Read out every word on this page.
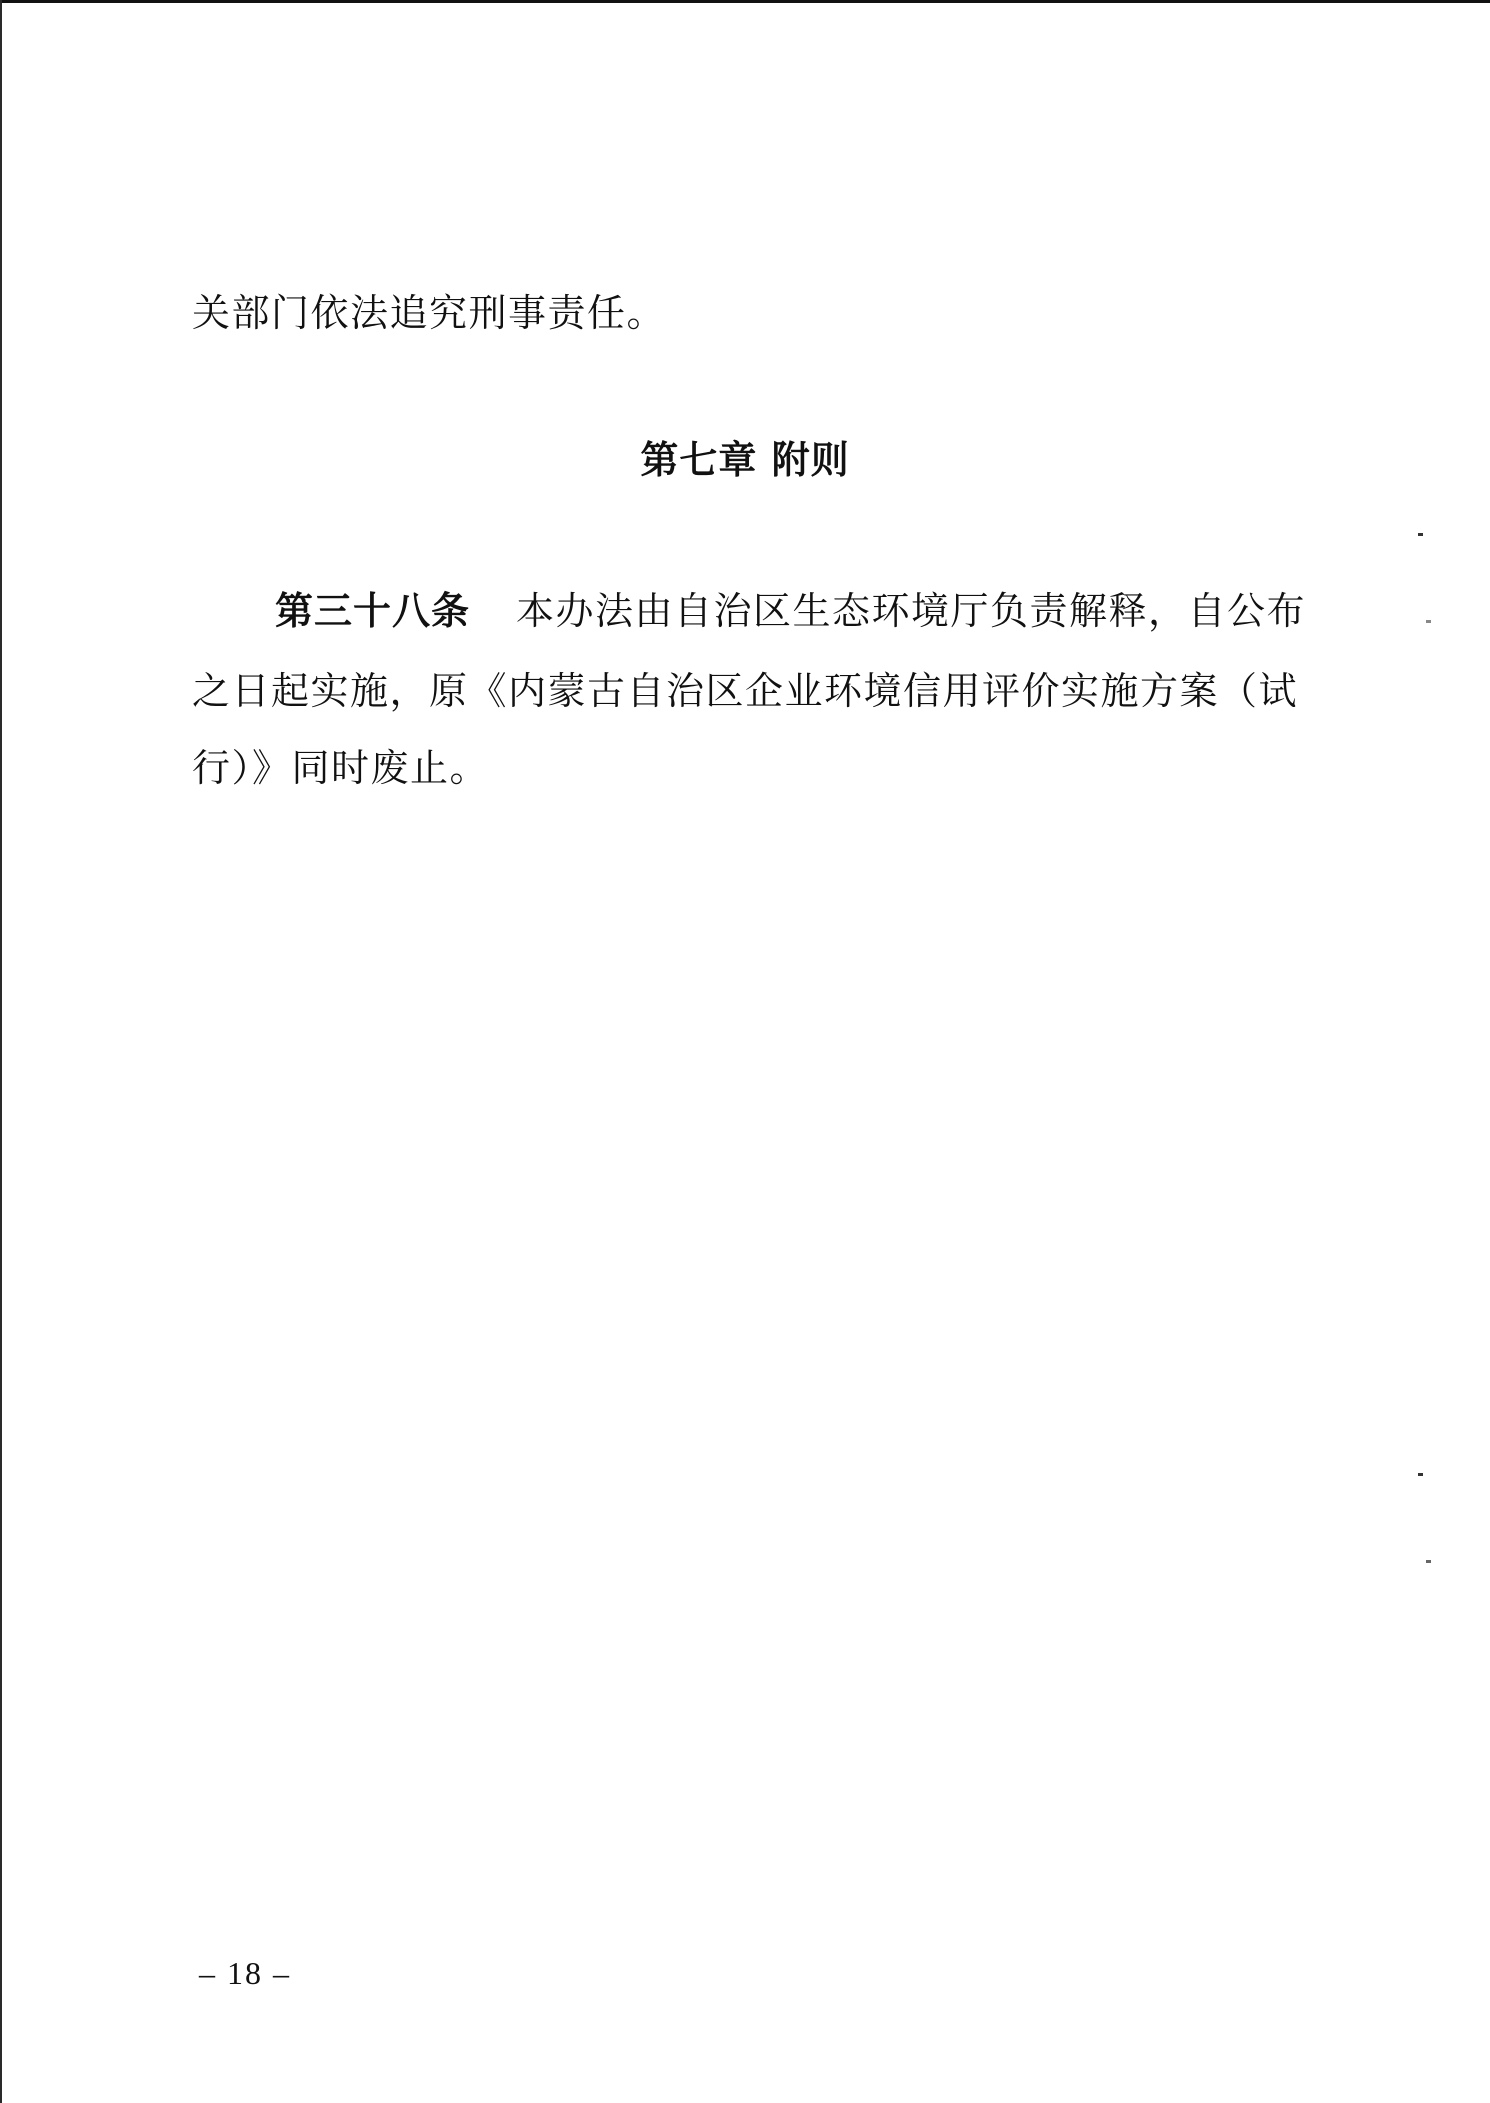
关部门依法追究刑事责任。

第七章 附则

第三十八条 本办法由自治区生态环境厅负责解释，自公布

之日起实施，原《内蒙古自治区企业环境信用评价实施方案（试

行）》同时废止。

– 18 –
